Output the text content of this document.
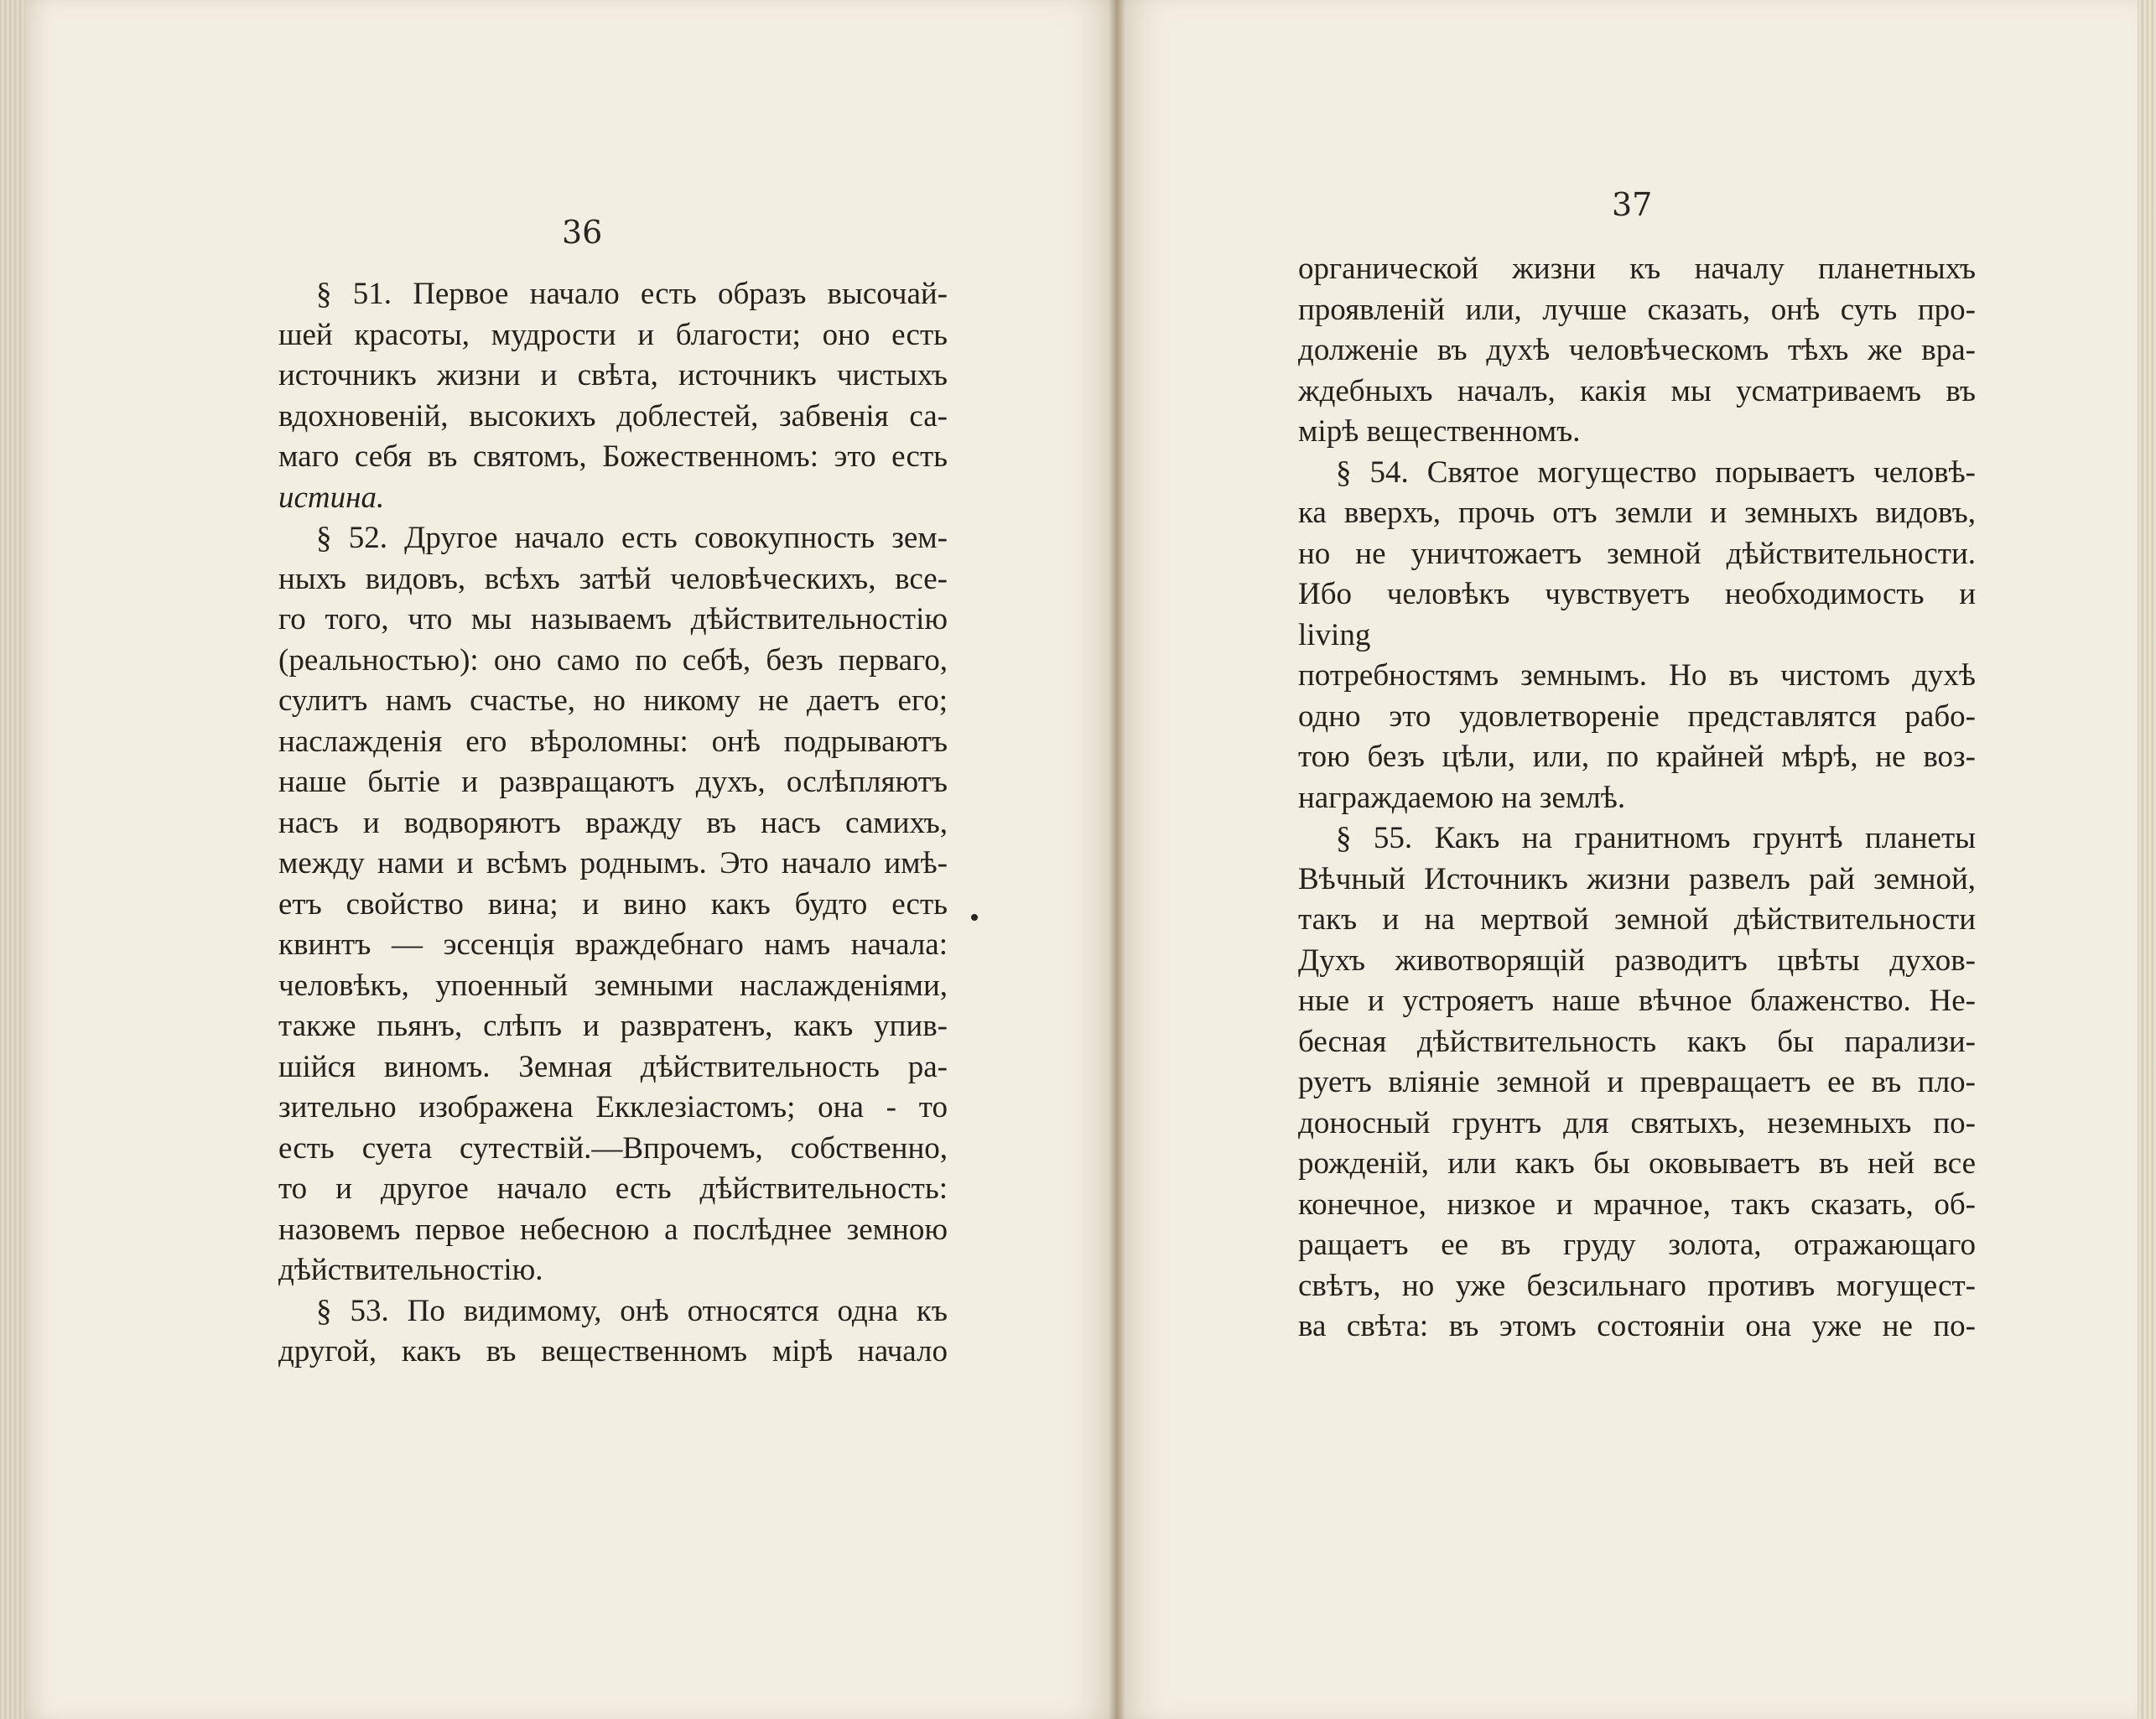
36
37
§ 51. Первое начало есть образъ высочай-
шей красоты, мудрости и благости; оно есть
источникъ жизни и свѣта, источникъ чистыхъ
вдохновеній, высокихъ доблестей, забвенія са-
маго себя въ святомъ, Божественномъ: это есть
истина.
§ 52. Другое начало есть совокупность зем-
ныхъ видовъ, всѣхъ затѣй человѣческихъ, все-
го того, что мы называемъ дѣйствительностію
(реальностью): оно само по себѣ, безъ перваго,
сулитъ намъ счастье, но никому не даетъ его;
наслажденія его вѣроломны: онѣ подрываютъ
наше бытіе и развращаютъ духъ, ослѣпляютъ
насъ и водворяютъ вражду въ насъ самихъ,
между нами и всѣмъ роднымъ. Это начало имѣ-
етъ свойство вина; и вино какъ будто есть
квинтъ — эссенція враждебнаго намъ начала:
человѣкъ, упоенный земными наслажденіями,
также пьянъ, слѣпъ и развратенъ, какъ упив-
шійся виномъ. Земная дѣйствительность ра-
зительно изображена Екклезіастомъ; она - то
есть суета сутествій.—Впрочемъ, собственно,
то и другое начало есть дѣйствительность:
назовемъ первое небесною а послѣднее земною
дѣйствительностію.
§ 53. По видимому, онѣ относятся одна къ
другой, какъ въ вещественномъ мірѣ начало
органической жизни къ началу планетныхъ
проявленій или, лучше сказать, онѣ суть про-
долженіе въ духѣ человѣческомъ тѣхъ же вра-
ждебныхъ началъ, какія мы усматриваемъ въ
мірѣ вещественномъ.
§ 54. Святое могущество порываетъ человѣ-
ка вверхъ, прочь отъ земли и земныхъ видовъ,
но не уничтожаетъ земной дѣйствительности.
Ибо человѣкъ чувствуетъ необходимость и
living
потребностямъ земнымъ. Но въ чистомъ духѣ
одно это удовлетвореніе представлятся рабо-
тою безъ цѣли, или, по крайней мѣрѣ, не воз-
награждаемою на землѣ.
§ 55. Какъ на гранитномъ грунтѣ планеты
Вѣчный Источникъ жизни развелъ рай земной,
такъ и на мертвой земной дѣйствительности
Духъ животворящій разводитъ цвѣты духов-
ные и устрояетъ наше вѣчное блаженство. Не-
бесная дѣйствительность какъ бы парализи-
руетъ вліяніе земной и превращаетъ ее въ пло-
доносный грунтъ для святыхъ, неземныхъ по-
рожденій, или какъ бы оковываетъ въ ней все
конечное, низкое и мрачное, такъ сказать, об-
ращаетъ ее въ груду золота, отражающаго
свѣтъ, но уже безсильнаго противъ могущест-
ва свѣта: въ этомъ состояніи она уже не по-
